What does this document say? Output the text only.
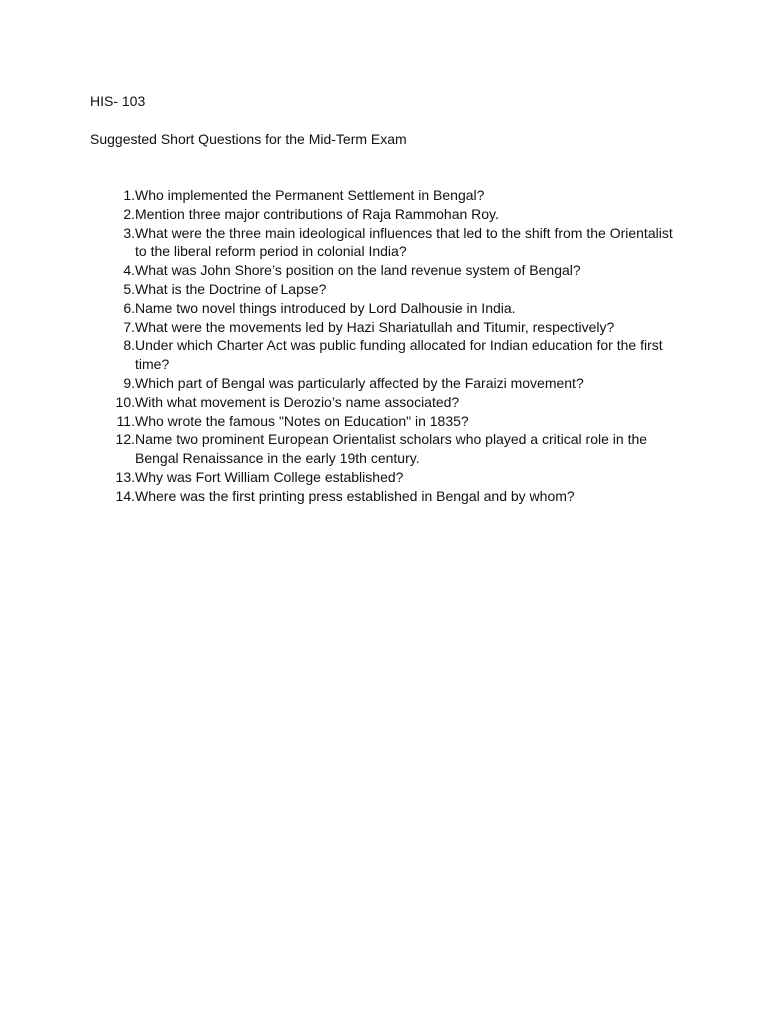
HIS- 103

Suggested Short Questions for the Mid-Term Exam

1. Who implemented the Permanent Settlement in Bengal?
2. Mention three major contributions of Raja Rammohan Roy.
3. What were the three main ideological influences that led to the shift from the Orientalist to the liberal reform period in colonial India?
4. What was John Shore’s position on the land revenue system of Bengal?
5. What is the Doctrine of Lapse?
6. Name two novel things introduced by Lord Dalhousie in India.
7. What were the movements led by Hazi Shariatullah and Titumir, respectively?
8. Under which Charter Act was public funding allocated for Indian education for the first time?
9. Which part of Bengal was particularly affected by the Faraizi movement?
10. With what movement is Derozio’s name associated?
11. Who wrote the famous "Notes on Education" in 1835?
12. Name two prominent European Orientalist scholars who played a critical role in the Bengal Renaissance in the early 19th century.
13. Why was Fort William College established?
14. Where was the first printing press established in Bengal and by whom?
